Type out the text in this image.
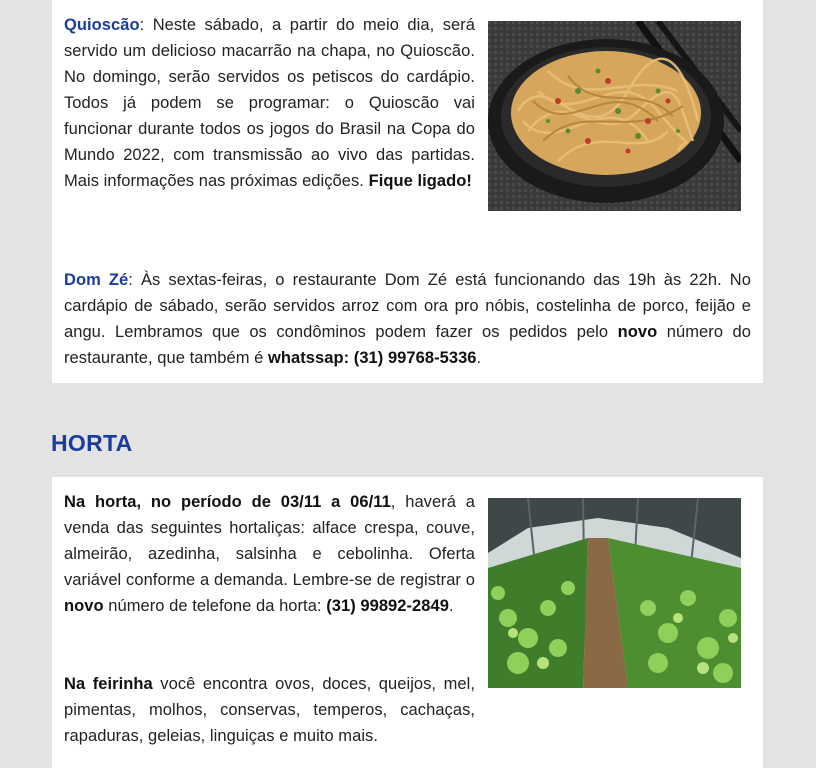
Quioscão: Neste sábado, a partir do meio dia, será servido um delicioso macarrão na chapa, no Quioscão. No domingo, serão servidos os petiscos do cardápio. Todos já podem se programar: o Quioscão vai funcionar durante todos os jogos do Brasil na Copa do Mundo 2022, com transmissão ao vivo das partidas. Mais informações nas próximas edições. Fique ligado!

Dom Zé: Às sextas-feiras, o restaurante Dom Zé está funcionando das 19h às 22h. No cardápio de sábado, serão servidos arroz com ora pro nóbis, costelinha de porco, feijão e angu. Lembramos que os condôminos podem fazer os pedidos pelo novo número do restaurante, que também é whatssap: (31) 99768-5336.

HORTA

Na horta, no período de 03/11 a 06/11, haverá a venda das seguintes hortaliças: alface crespa, couve, almeirão, azedinha, salsinha e cebolinha. Oferta variável conforme a demanda. Lembre-se de registrar o novo número de telefone da horta: (31) 99892-2849.

Na feirinha você encontra ovos, doces, queijos, mel, pimentas, molhos, conservas, temperos, cachaças, rapaduras, geleias, linguiças e muito mais.
